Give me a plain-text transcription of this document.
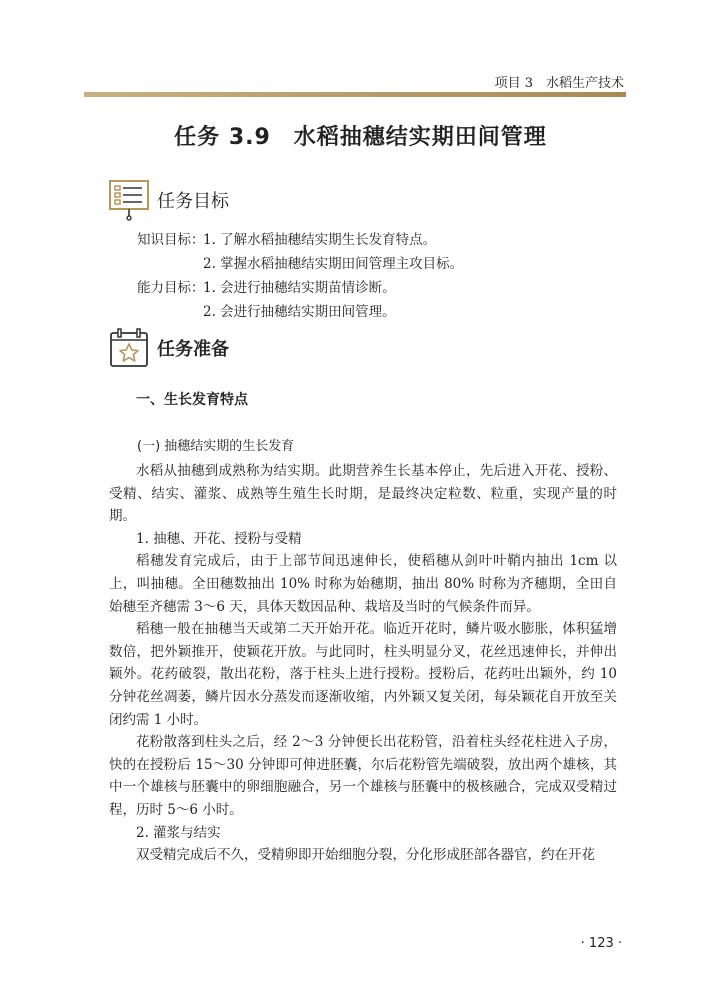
项目 3　水稻生产技术
任务 3.9　水稻抽穗结实期田间管理
任务目标
知识目标：
1. 了解水稻抽穗结实期生长发育特点。
2. 掌握水稻抽穗结实期田间管理主攻目标。
能力目标：
1. 会进行抽穗结实期苗情诊断。
2. 会进行抽穗结实期田间管理。
任务准备
一、生长发育特点
(一) 抽穗结实期的生长发育

水稻从抽穗到成熟称为结实期。此期营养生长基本停止，先后进入开花、授粉、受精、结实、灌浆、成熟等生殖生长时期，是最终决定粒数、粒重，实现产量的时期。

1. 抽穗、开花、授粉与受精

稻穗发育完成后，由于上部节间迅速伸长，使稻穗从剑叶叶鞘内抽出 1cm 以上，叫抽穗。全田穗数抽出 10% 时称为始穗期，抽出 80% 时称为齐穗期，全田自始穗至齐穗需 3～6 天，具体天数因品种、栽培及当时的气候条件而异。

稻穗一般在抽穗当天或第二天开始开花。临近开花时，鳞片吸水膨胀，体积猛增数倍，把外颖推开，使颖花开放。与此同时，柱头明显分叉，花丝迅速伸长，并伸出颖外。花药破裂，散出花粉，落于柱头上进行授粉。授粉后，花药吐出颖外，约 10 分钟花丝凋萎，鳞片因水分蒸发而逐渐收缩，内外颖又复关闭，每朵颖花自开放至关闭约需 1 小时。

花粉散落到柱头之后，经 2～3 分钟便长出花粉管，沿着柱头经花柱进入子房，快的在授粉后 15～30 分钟即可伸进胚囊，尔后花粉管先端破裂，放出两个雄核，其中一个雄核与胚囊中的卵细胞融合，另一个雄核与胚囊中的极核融合，完成双受精过程，历时 5～6 小时。

2. 灌浆与结实

双受精完成后不久，受精卵即开始细胞分裂，分化形成胚部各器官，约在开花

· 123 ·
